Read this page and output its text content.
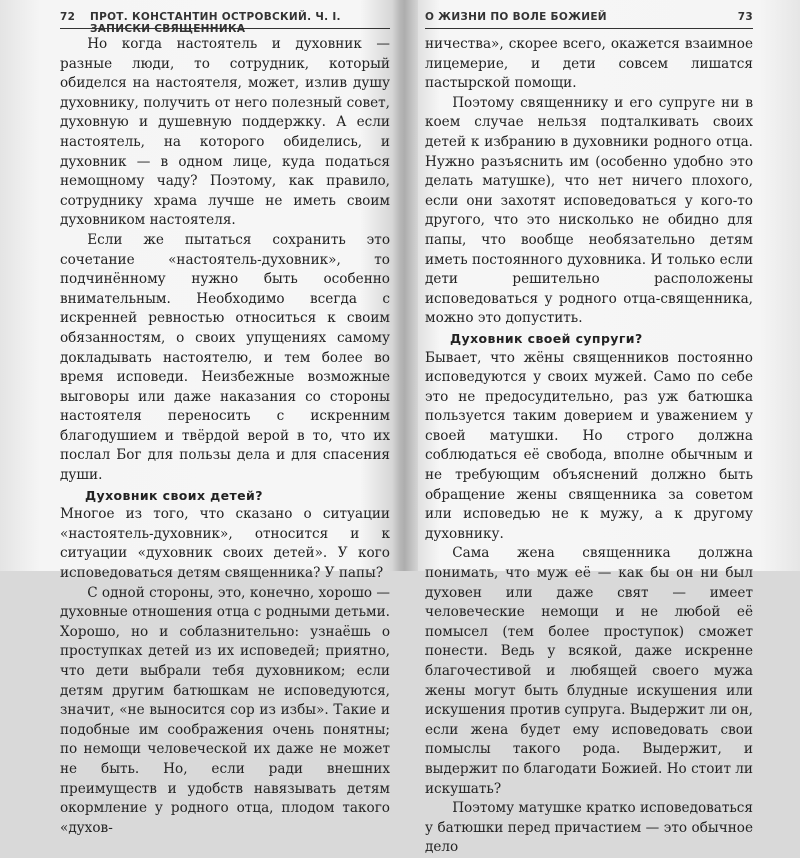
72 ПРОТ. КОНСТАНТИН ОСТРОВСКИЙ. Ч. I. ЗАПИСКИ СВЯЩЕННИКА

Но когда настоятель и духовник — разные люди, то сотрудник, который обиделся на настоятеля, может, излив душу духовнику, получить от него полезный совет, духовную и душевную поддержку. А если настоятель, на которого обиделись, и духовник — в одном лице, куда податься немощному чаду? Поэтому, как правило, сотруднику храма лучше не иметь своим духовником настоятеля.

Если же пытаться сохранить это сочетание «настоятель-духовник», то подчинённому нужно быть особенно внимательным. Необходимо всегда с искренней ревностью относиться к своим обязанностям, о своих упущениях самому докладывать настоятелю, и тем более во время исповеди. Неизбежные возможные выговоры или даже наказания со стороны настоятеля переносить с искренним благодушием и твёрдой верой в то, что их послал Бог для пользы дела и для спасения души.

Духовник своих детей?

Многое из того, что сказано о ситуации «настоятель-духовник», относится и к ситуации «духовник своих детей». У кого исповедоваться детям священника? У папы?

С одной стороны, это, конечно, хорошо — духовные отношения отца с родными детьми. Хорошо, но и соблазнительно: узнаёшь о проступках детей из их исповедей; приятно, что дети выбрали тебя духовником; если детям другим батюшкам не исповедуются, значит, «не выносится сор из избы». Такие и подобные им соображения очень понятны; по немощи человеческой их даже не может не быть. Но, если ради внешних преимуществ и удобств навязывать детям окормление у родного отца, плодом такого «духов-

О ЖИЗНИ ПО ВОЛЕ БОЖИЕЙ	73

ничества», скорее всего, окажется взаимное лицемерие, и дети совсем лишатся пастырской помощи.

Поэтому священнику и его супруге ни в коем случае нельзя подталкивать своих детей к избранию в духовники родного отца. Нужно разъяснить им (особенно удобно это делать матушке), что нет ничего плохого, если они захотят исповедоваться у кого-то другого, что это нисколько не обидно для папы, что вообще необязательно детям иметь постоянного духовника. И только если дети решительно расположены исповедоваться у родного отца-священника, можно это допустить.

Духовник своей супруги?

Бывает, что жёны священников постоянно исповедуются у своих мужей. Само по себе это не предосудительно, раз уж батюшка пользуется таким доверием и уважением у своей матушки. Но строго должна соблюдаться её свобода, вполне обычным и не требующим объяснений должно быть обращение жены священника за советом или исповедью не к мужу, а к другому духовнику.

Сама жена священника должна понимать, что муж её — как бы он ни был духовен или даже свят — имеет человеческие немощи и не любой её помысел (тем более проступок) сможет понести. Ведь у всякой, даже искренне благочестивой и любящей своего мужа жены могут быть блудные искушения или искушения против супруга. Выдержит ли он, если жена будет ему исповедовать свои помыслы такого рода. Выдержит, и выдержит по благодати Божией. Но стоит ли искушать?

Поэтому матушке кратко исповедоваться у батюшки перед причастием — это обычное дело
